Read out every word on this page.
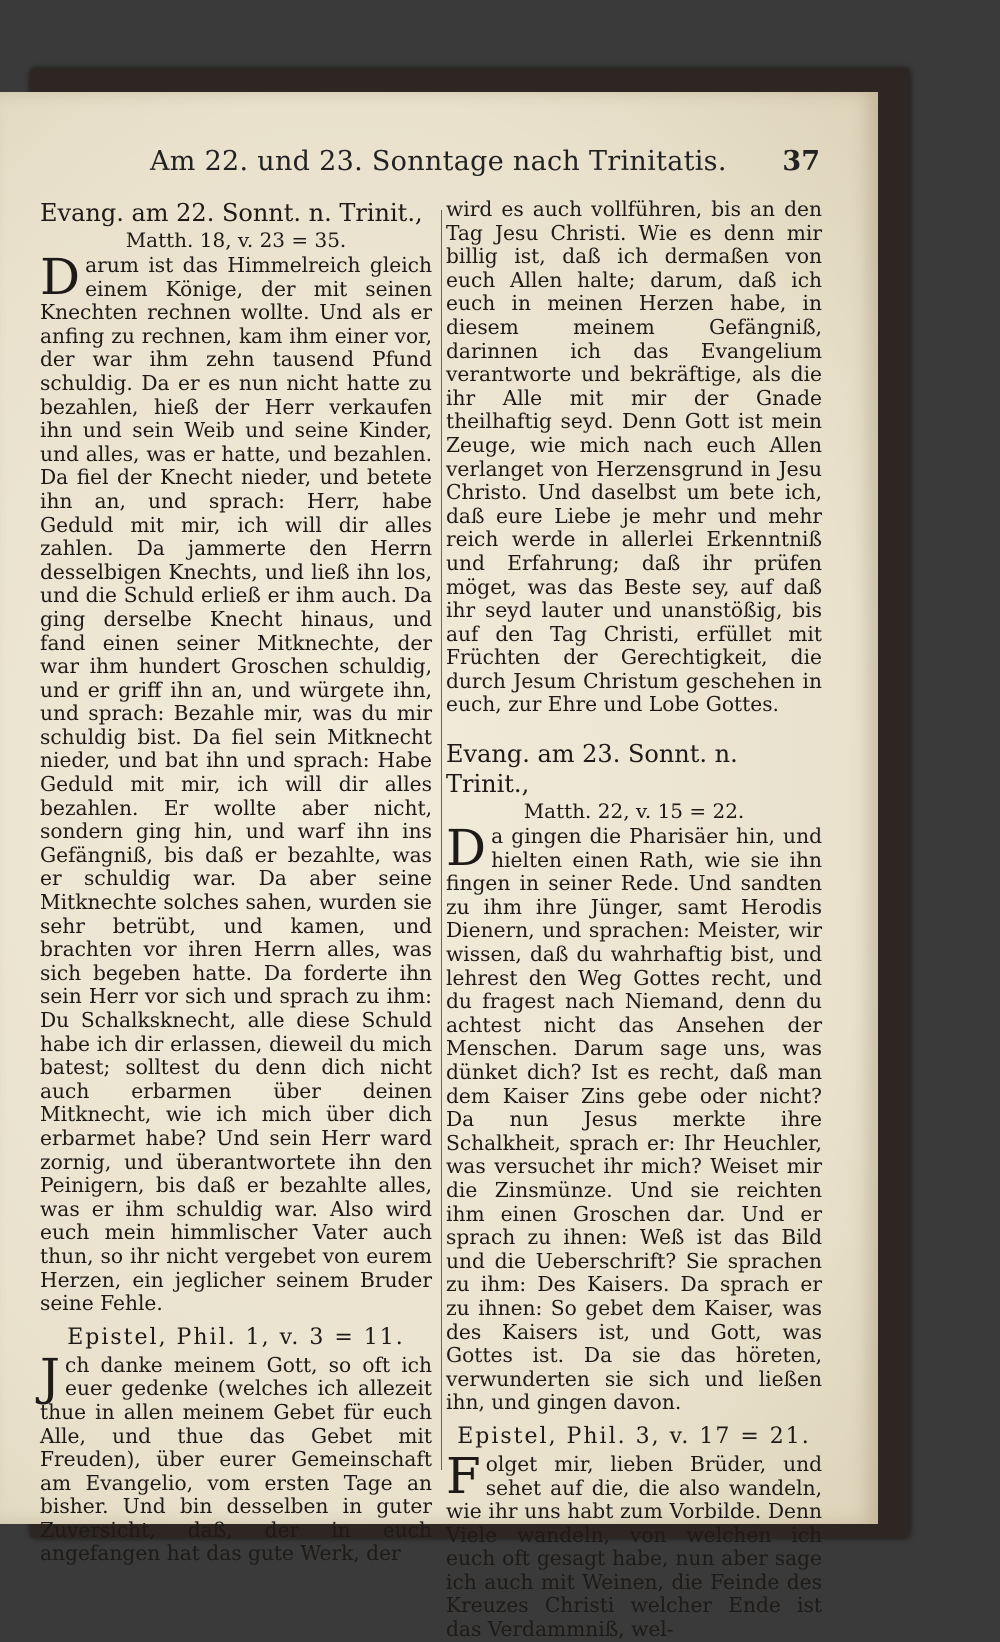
Am 22. und 23. Sonntage nach Trinitatis.	37

Evang. am 22. Sonnt. n. Trinit.,

Matth. 18, v. 23 = 35.

Darum ist das Himmelreich gleich einem Könige, der mit seinen Knechten rechnen wollte. Und als er anfing zu rechnen, kam ihm einer vor, der war ihm zehn tausend Pfund schuldig. Da er es nun nicht hatte zu bezahlen, hieß der Herr verkaufen ihn und sein Weib und seine Kinder, und alles, was er hatte, und bezahlen. Da fiel der Knecht nieder, und betete ihn an, und sprach: Herr, habe Geduld mit mir, ich will dir alles zahlen. Da jammerte den Herrn desselbigen Knechts, und ließ ihn los, und die Schuld erließ er ihm auch. Da ging derselbe Knecht hinaus, und fand einen seiner Mitknechte, der war ihm hundert Groschen schuldig, und er griff ihn an, und würgete ihn, und sprach: Bezahle mir, was du mir schuldig bist. Da fiel sein Mitknecht nieder, und bat ihn und sprach: Habe Geduld mit mir, ich will dir alles bezahlen. Er wollte aber nicht, sondern ging hin, und warf ihn ins Gefängniß, bis daß er bezahlte, was er schuldig war. Da aber seine Mitknechte solches sahen, wurden sie sehr betrübt, und kamen, und brachten vor ihren Herrn alles, was sich begeben hatte. Da forderte ihn sein Herr vor sich und sprach zu ihm: Du Schalksknecht, alle diese Schuld habe ich dir erlassen, dieweil du mich batest; solltest du denn dich nicht auch erbarmen über deinen Mitknecht, wie ich mich über dich erbarmet habe? Und sein Herr ward zornig, und überantwortete ihn den Peinigern, bis daß er bezahlte alles, was er ihm schuldig war. Also wird euch mein himmlischer Vater auch thun, so ihr nicht vergebet von eurem Herzen, ein jeglicher seinem Bruder seine Fehle.

Epistel, Phil. 1, v. 3 = 11.

Jch danke meinem Gott, so oft ich euer gedenke (welches ich allezeit thue in allen meinem Gebet für euch Alle, und thue das Gebet mit Freuden), über eurer Gemeinschaft am Evangelio, vom ersten Tage an bisher. Und bin desselben in guter Zuversicht, daß, der in euch angefangen hat das gute Werk, der

wird es auch vollführen, bis an den Tag Jesu Christi. Wie es denn mir billig ist, daß ich dermaßen von euch Allen halte; darum, daß ich euch in meinen Herzen habe, in diesem meinem Gefängniß, darinnen ich das Evangelium verantworte und bekräftige, als die ihr Alle mit mir der Gnade theilhaftig seyd. Denn Gott ist mein Zeuge, wie mich nach euch Allen verlanget von Herzensgrund in Jesu Christo. Und daselbst um bete ich, daß eure Liebe je mehr und mehr reich werde in allerlei Erkenntniß und Erfahrung; daß ihr prüfen möget, was das Beste sey, auf daß ihr seyd lauter und unanstößig, bis auf den Tag Christi, erfüllet mit Früchten der Gerechtigkeit, die durch Jesum Christum geschehen in euch, zur Ehre und Lobe Gottes.

Evang. am 23. Sonnt. n. Trinit.,

Matth. 22, v. 15 = 22.

Da gingen die Pharisäer hin, und hielten einen Rath, wie sie ihn fingen in seiner Rede. Und sandten zu ihm ihre Jünger, samt Herodis Dienern, und sprachen: Meister, wir wissen, daß du wahrhaftig bist, und lehrest den Weg Gottes recht, und du fragest nach Niemand, denn du achtest nicht das Ansehen der Menschen. Darum sage uns, was dünket dich? Ist es recht, daß man dem Kaiser Zins gebe oder nicht? Da nun Jesus merkte ihre Schalkheit, sprach er: Ihr Heuchler, was versuchet ihr mich? Weiset mir die Zinsmünze. Und sie reichten ihm einen Groschen dar. Und er sprach zu ihnen: Weß ist das Bild und die Ueberschrift? Sie sprachen zu ihm: Des Kaisers. Da sprach er zu ihnen: So gebet dem Kaiser, was des Kaisers ist, und Gott, was Gottes ist. Da sie das höreten, verwunderten sie sich und ließen ihn, und gingen davon.

Epistel, Phil. 3, v. 17 = 21.

Folget mir, lieben Brüder, und sehet auf die, die also wandeln, wie ihr uns habt zum Vorbilde. Denn Viele wandeln, von welchen ich euch oft gesagt habe, nun aber sage ich auch mit Weinen, die Feinde des Kreuzes Christi welcher Ende ist das Verdammniß, wel-
